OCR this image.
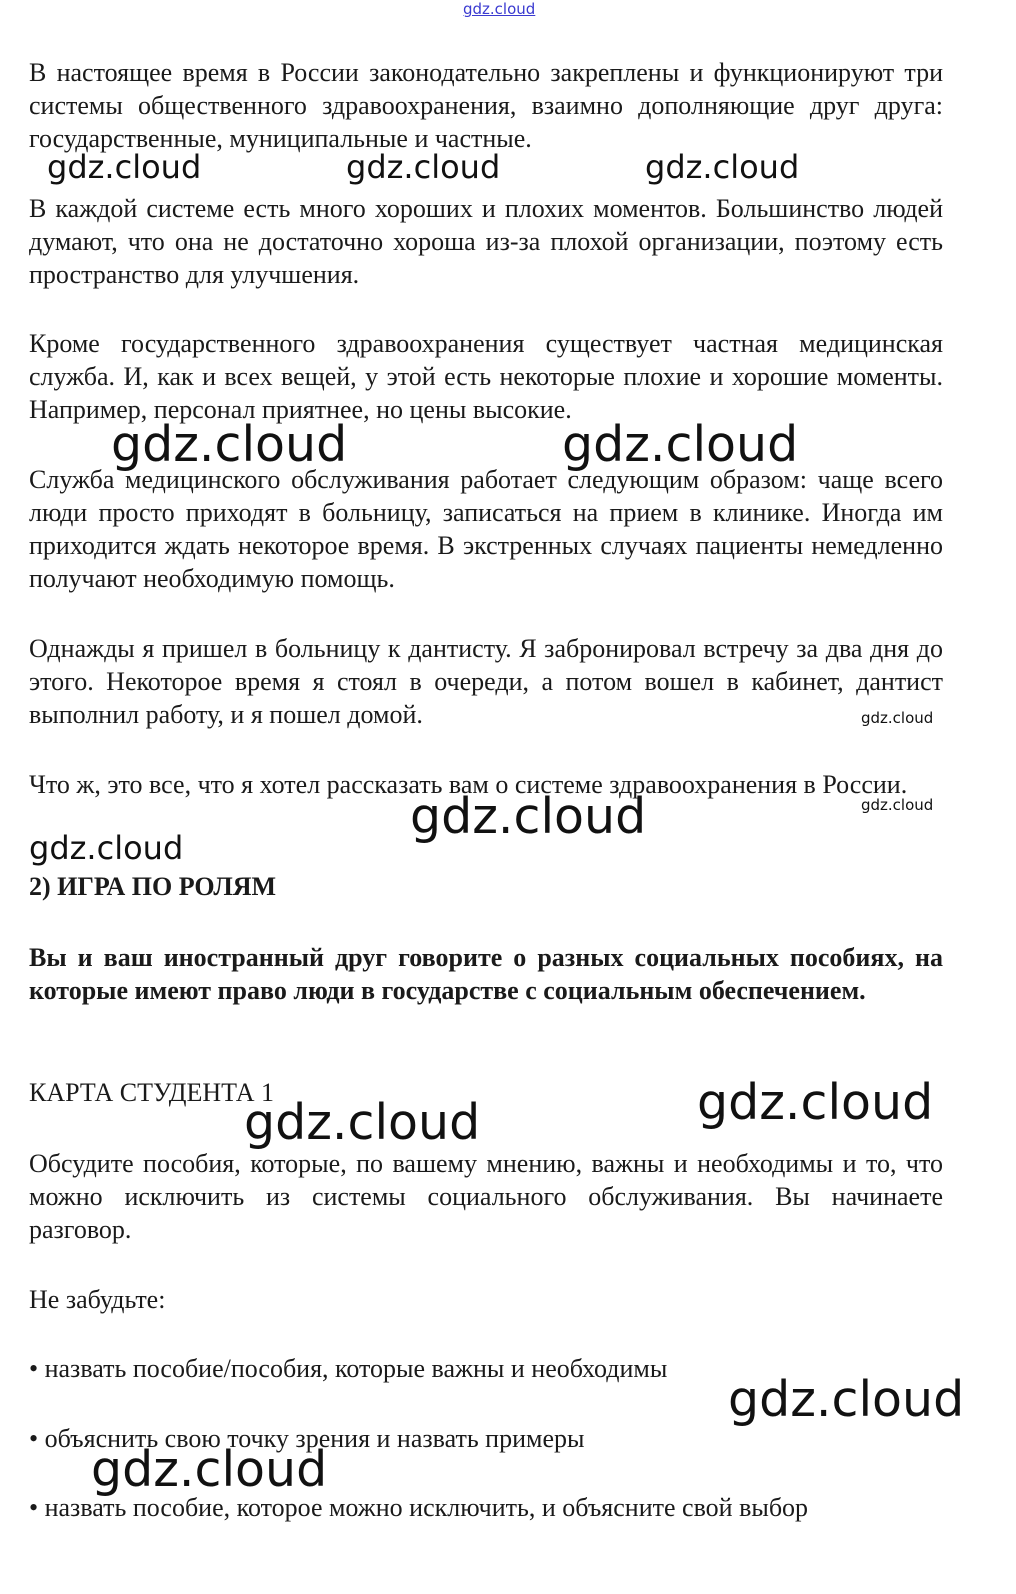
gdz.cloud

В настоящее время в России законодательно закреплены и функционируют три системы общественного здравоохранения, взаимно дополняющие друг друга: государственные, муниципальные и частные.

gdz.cloud	gdz.cloud	gdz.cloud

В каждой системе есть много хороших и плохих моментов. Большинство людей думают, что она не достаточно хороша из-за плохой организации, поэтому есть пространство для улучшения.

Кроме государственного здравоохранения существует частная медицинская служба. И, как и всех вещей, у этой есть некоторые плохие и хорошие моменты. Например, персонал приятнее, но цены высокие.

gdz.cloud	gdz.cloud

Служба медицинского обслуживания работает следующим образом: чаще всего люди просто приходят в больницу, записаться на прием в клинике. Иногда им приходится ждать некоторое время. В экстренных случаях пациенты немедленно получают необходимую помощь.

Однажды я пришел в больницу к дантисту. Я забронировал встречу за два дня до этого. Некоторое время я стоял в очереди, а потом вошел в кабинет, дантист выполнил работу, и я пошел домой.	gdz.cloud

Что ж, это все, что я хотел рассказать вам о системе здравоохранения в России.

gdz.cloud
gdz.cloud
gdz.cloud
2) ИГРА ПО РОЛЯМ

Вы и ваш иностранный друг говорите о разных социальных пособиях, на которые имеют право люди в государстве с социальным обеспечением.

КАРТА СТУДЕНТА 1	gdz.cloud
gdz.cloud

Обсудите пособия, которые, по вашему мнению, важны и необходимы и то, что можно исключить из системы социального обслуживания. Вы начинаете разговор.

Не забудьте:

• назвать пособие/пособия, которые важны и необходимы

gdz.cloud

• объяснить свою точку зрения и назвать примеры

gdz.cloud

• назвать пособие, которое можно исключить, и объясните свой выбор
